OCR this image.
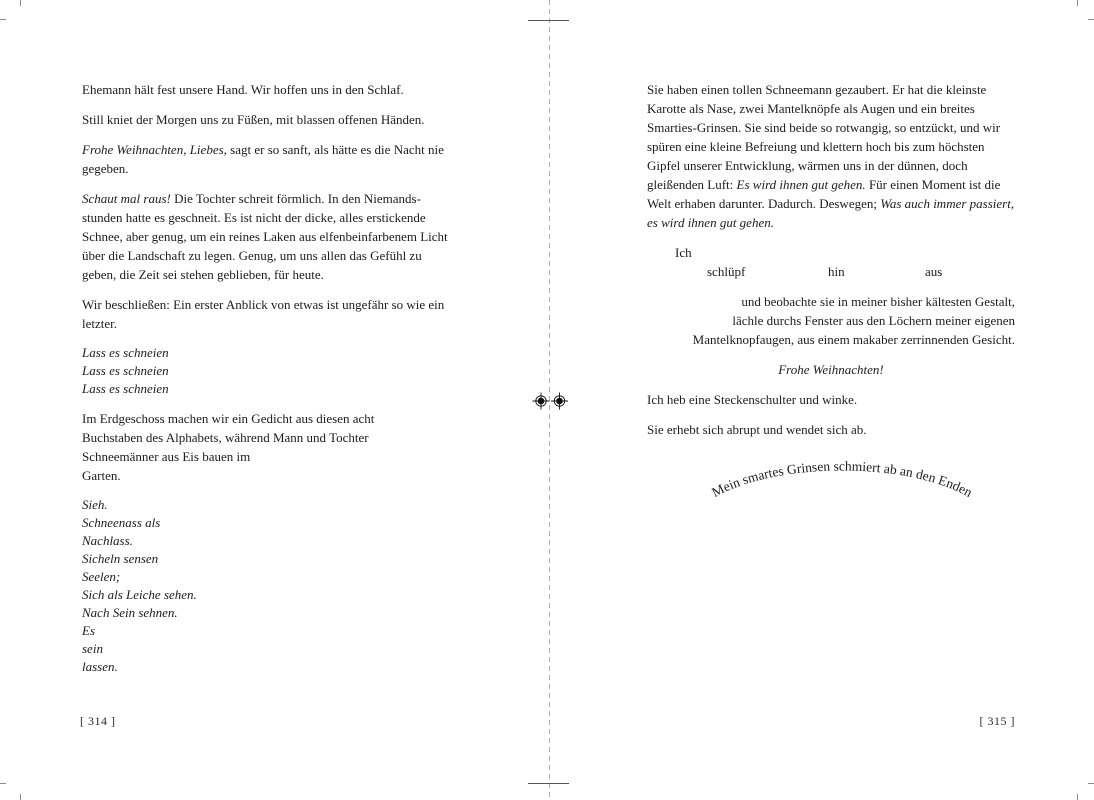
Ehemann hält fest unsere Hand. Wir hoffen uns in den Schlaf.

Still kniet der Morgen uns zu Füßen, mit blassen offenen Händen.

Frohe Weihnachten, Liebes, sagt er so sanft, als hätte es die Nacht nie
gegeben.

Schaut mal raus! Die Tochter schreit förmlich. In den Niemands-
stunden hatte es geschneit. Es ist nicht der dicke, alles erstickende
Schnee, aber genug, um ein reines Laken aus elfenbeinfarbenem Licht
über die Landschaft zu legen. Genug, um uns allen das Gefühl zu
geben, die Zeit sei stehen geblieben, für heute.

Wir beschließen: Ein erster Anblick von etwas ist ungefähr so wie ein
letzter.

Lass es schneien
Lass es schneien
Lass es schneien

Im Erdgeschoss machen wir ein Gedicht aus diesen acht
Buchstaben des Alphabets, während Mann und Tochter
Schneemänner aus Eis bauen im
Garten.

Sieh.
Schneenass als
Nachlass.
Sicheln sensen
Seelen;
Sich als Leiche sehen.
Nach Sein sehnen.
Es
sein
lassen.

[ 314 ]

Sie haben einen tollen Schneemann gezaubert. Er hat die kleinste
Karotte als Nase, zwei Mantelknöpfe als Augen und ein breites
Smarties-Grinsen. Sie sind beide so rotwangig, so entzückt, und wir
spüren eine kleine Befreiung und klettern hoch bis zum höchsten
Gipfel unserer Entwicklung, wärmen uns in der dünnen, doch
gleißenden Luft: Es wird ihnen gut gehen. Für einen Moment ist die
Welt erhaben darunter. Dadurch. Deswegen; Was auch immer passiert,
es wird ihnen gut gehen.

Ich
schlüpf	hin	aus

und beobachte sie in meiner bisher kältesten Gestalt,
lächle durchs Fenster aus den Löchern meiner eigenen
Mantelknopfaugen, aus einem makaber zerrinnenden Gesicht.

Frohe Weihnachten!

Ich heb eine Steckenschulter und winke.

Sie erhebt sich abrupt und wendet sich ab.

Mein smartes Grinsen schmiert ab an den Enden
[ 315 ]
